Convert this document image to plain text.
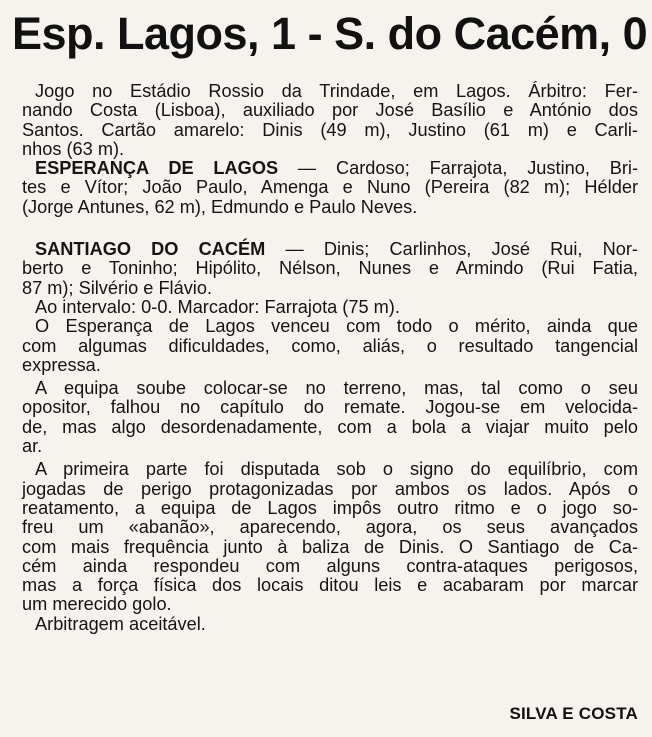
Esp. Lagos, 1 - S. do Cacém, 0
Jogo no Estádio Rossio da Trindade, em Lagos. Árbitro: Fer-
nando Costa (Lisboa), auxiliado por José Basílio e António dos
Santos. Cartão amarelo: Dinis (49 m), Justino (61 m) e Carli-
nhos (63 m).
ESPERANÇA DE LAGOS — Cardoso; Farrajota, Justino, Bri-
tes e Vítor; João Paulo, Amenga e Nuno (Pereira (82 m); Hélder
(Jorge Antunes, 62 m), Edmundo e Paulo Neves.
SANTIAGO DO CACÉM — Dinis; Carlinhos, José Rui, Nor-
berto e Toninho; Hipólito, Nélson, Nunes e Armindo (Rui Fatia,
87 m); Silvério e Flávio.
Ao intervalo: 0-0. Marcador: Farrajota (75 m).
O Esperança de Lagos venceu com todo o mérito, ainda que
com algumas dificuldades, como, aliás, o resultado tangencial
expressa.
A equipa soube colocar-se no terreno, mas, tal como o seu
opositor, falhou no capítulo do remate. Jogou-se em velocida-
de, mas algo desordenadamente, com a bola a viajar muito pelo
ar.
A primeira parte foi disputada sob o signo do equilíbrio, com
jogadas de perigo protagonizadas por ambos os lados. Após o
reatamento, a equipa de Lagos impôs outro ritmo e o jogo so-
freu um «abanão», aparecendo, agora, os seus avançados
com mais frequência junto à baliza de Dinis. O Santiago de Ca-
cém ainda respondeu com alguns contra-ataques perigosos,
mas a força física dos locais ditou leis e acabaram por marcar
um merecido golo.
Arbitragem aceitável.
SILVA E COSTA
